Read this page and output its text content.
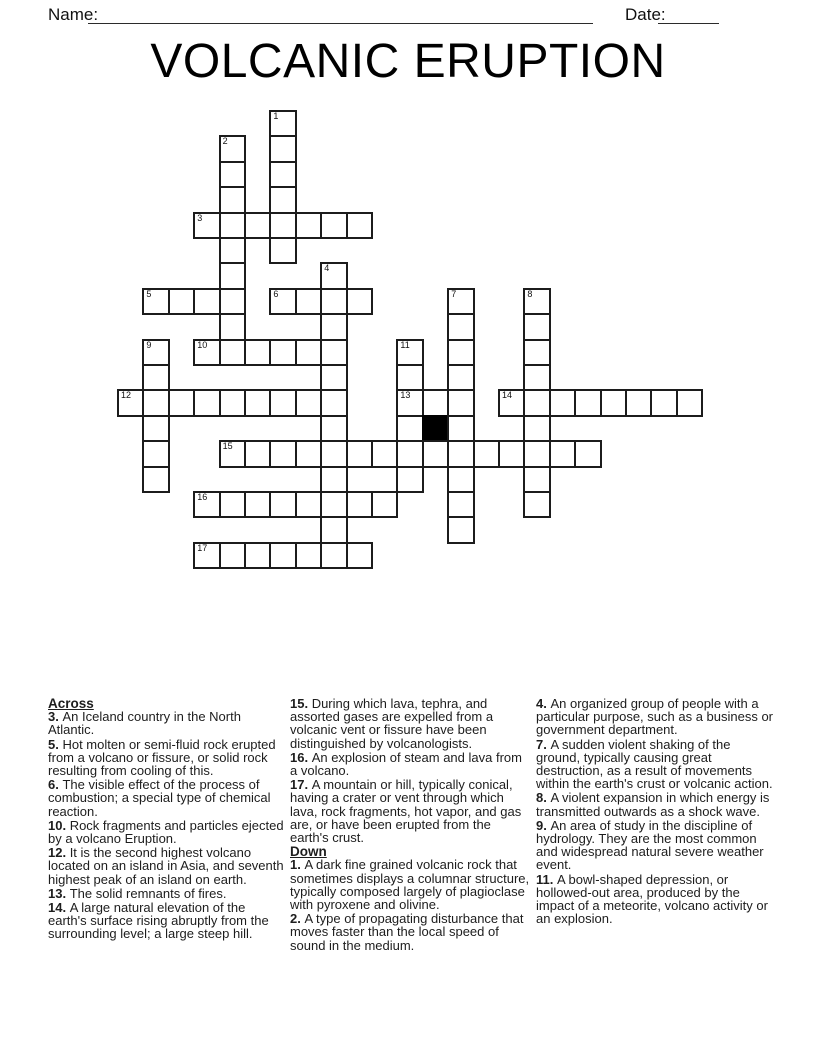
Name:	Date:
VOLCANIC ERUPTION
1
2
3
4
5	6	7	8
9	10	11
12	13	14
15
16
17
Across
3. An Iceland country in the North Atlantic.
5. Hot molten or semi-fluid rock erupted from a volcano or fissure, or solid rock resulting from cooling of this.
6. The visible effect of the process of combustion; a special type of chemical reaction.
10. Rock fragments and particles ejected by a volcano Eruption.
12. It is the second highest volcano located on an island in Asia, and seventh highest peak of an island on earth.
13. The solid remnants of fires.
14. A large natural elevation of the earth's surface rising abruptly from the surrounding level; a large steep hill.
15. During which lava, tephra, and assorted gases are expelled from a volcanic vent or fissure have been distinguished by volcanologists.
16. An explosion of steam and lava from a volcano.
17. A mountain or hill, typically conical, having a crater or vent through which lava, rock fragments, hot vapor, and gas are, or have been erupted from the earth's crust.
Down
1. A dark fine grained volcanic rock that sometimes displays a columnar structure, typically composed largely of plagioclase with pyroxene and olivine.
2. A type of propagating disturbance that moves faster than the local speed of sound in the medium.
4. An organized group of people with a particular purpose, such as a business or government department.
7. A sudden violent shaking of the ground, typically causing great destruction, as a result of movements within the earth's crust or volcanic action.
8. A violent expansion in which energy is transmitted outwards as a shock wave.
9. An area of study in the discipline of hydrology. They are the most common and widespread natural severe weather event.
11. A bowl-shaped depression, or hollowed-out area, produced by the impact of a meteorite, volcano activity or an explosion.
